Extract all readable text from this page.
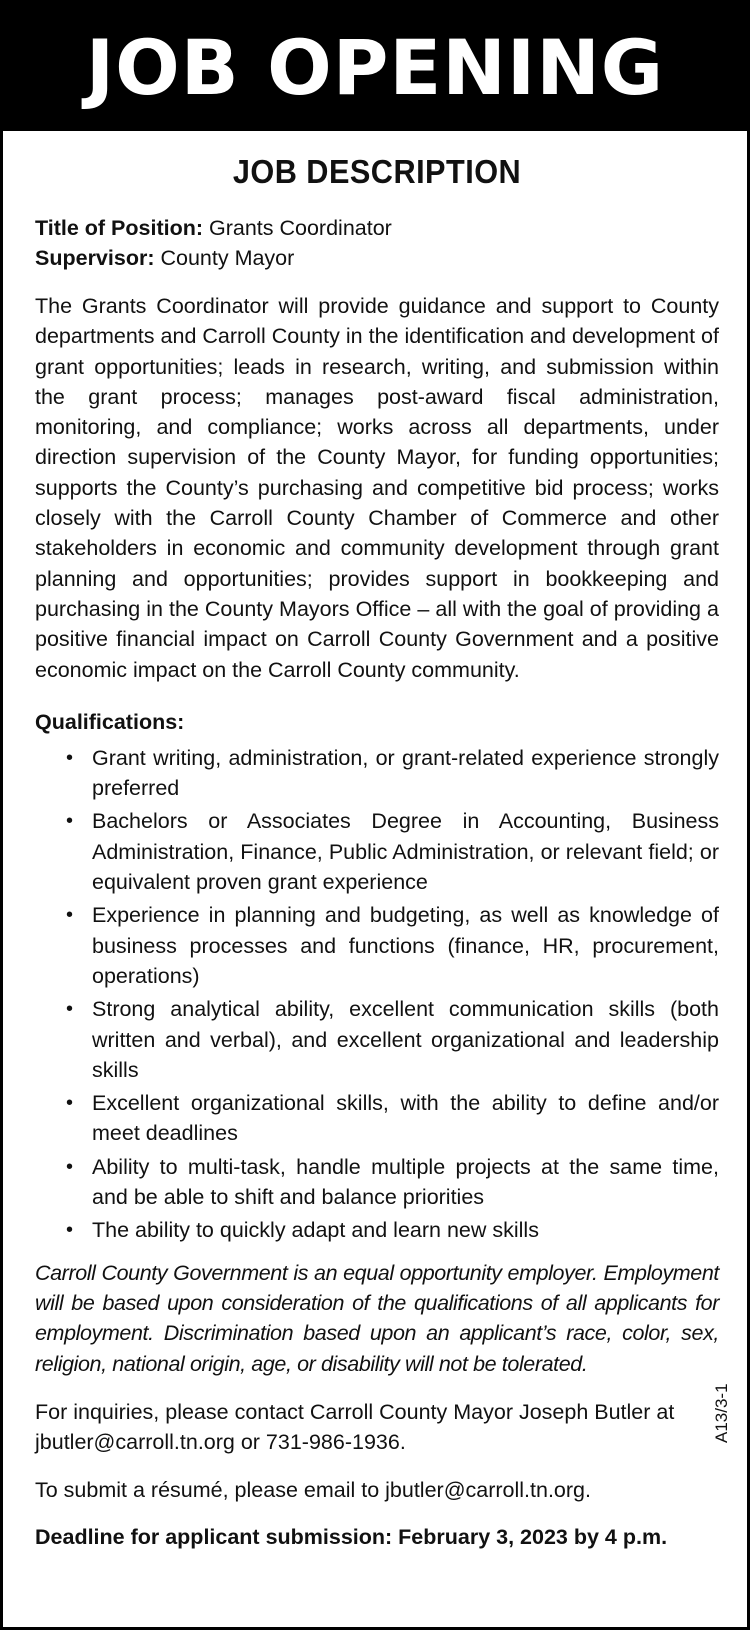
JOB OPENING
JOB DESCRIPTION
Title of Position: Grants Coordinator
Supervisor: County Mayor

The Grants Coordinator will provide guidance and support to County departments and Carroll County in the identification and development of grant opportunities; leads in research, writing, and submission within the grant process; manages post-award fiscal administration, monitoring, and compliance; works across all departments, under direction supervision of the County Mayor, for funding opportunities; supports the County’s purchasing and competitive bid process; works closely with the Carroll County Chamber of Commerce and other stakeholders in economic and community development through grant planning and opportunities; provides support in bookkeeping and purchasing in the County Mayors Office – all with the goal of providing a positive financial impact on Carroll County Government and a positive economic impact on the Carroll County community.

Qualifications:
• Grant writing, administration, or grant-related experience strongly preferred
• Bachelors or Associates Degree in Accounting, Business Administration, Finance, Public Administration, or relevant field; or equivalent proven grant experience
• Experience in planning and budgeting, as well as knowledge of business processes and functions (finance, HR, procurement, operations)
• Strong analytical ability, excellent communication skills (both written and verbal), and excellent organizational and leadership skills
• Excellent organizational skills, with the ability to define and/or meet deadlines
• Ability to multi-task, handle multiple projects at the same time, and be able to shift and balance priorities
• The ability to quickly adapt and learn new skills

Carroll County Government is an equal opportunity employer. Employment will be based upon consideration of the qualifications of all applicants for employment. Discrimination based upon an applicant’s race, color, sex, religion, national origin, age, or disability will not be tolerated.

For inquiries, please contact Carroll County Mayor Joseph Butler at jbutler@carroll.tn.org or 731-986-1936.

To submit a résumé, please email to jbutler@carroll.tn.org.

Deadline for applicant submission: February 3, 2023 by 4 p.m.

A13/3-1
